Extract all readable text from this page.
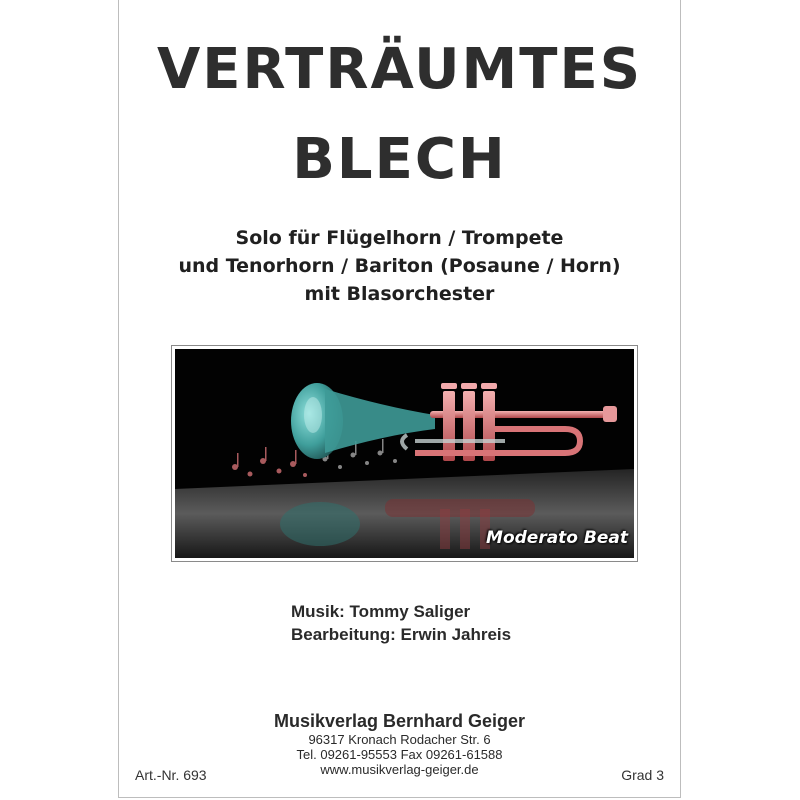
VERTRÄUMTES
BLECH
Solo für Flügelhorn / Trompete
und Tenorhorn / Bariton (Posaune / Horn)
mit Blasorchester
Moderato Beat
Musik: Tommy Saliger
Bearbeitung: Erwin Jahreis
Musikverlag Bernhard Geiger
96317 Kronach Rodacher Str. 6
Tel. 09261-95553 Fax 09261-61588
www.musikverlag-geiger.de
Art.-Nr. 693	Grad 3
